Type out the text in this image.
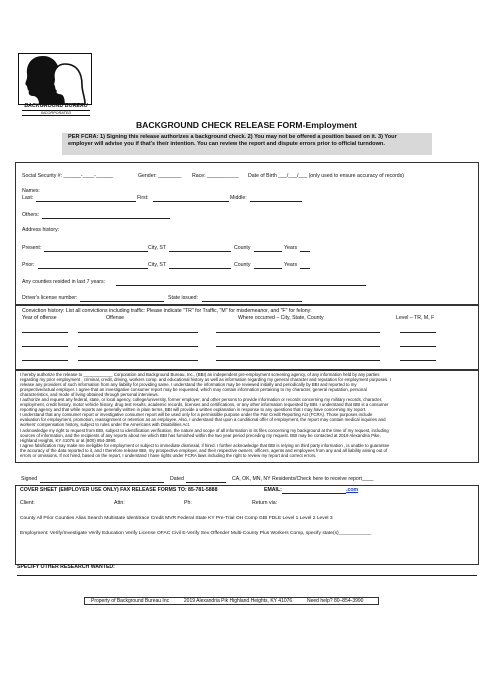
BACKGROUND BUREAU
INCORPORATED
BACKGROUND CHECK RELEASE FORM-Employment
PER FCRA: 1) Signing this release authorizes a background check. 2) You may not be offered a position based on it. 3) Your
employer will advise you if that's their intention. You can review the report and dispute errors prior to official turndown.
Social Security #: ______-____-______	Gender: ________ Race: ___________ Date of Birth ___/___/___ (only used to ensure accuracy of records)
Names:
Last:	First:	Middle:
Others:
Address history:
Present:	City, ST	County	Years
Prior:	City, ST	County	Years
Any counties resided in last 7 years:
Driver's license number:	State issued:
Conviction history: List all convictions including traffic: Please indicate "TR" for Traffic, "M" for misdemeanor, and "F" for felony:
Year of offense	Offense	Where occurred – City, State, County	Level – TR, M, F
I hereby authorize the release to ____________ Corporation and Background Bureau, Inc., (BBI) an independent pre-employment screening agency, of any information held by any parties
regarding my prior employment , criminal, credit, driving, workers comp. and educational history as well as information regarding my general character and reputation for employment purposes. I
release any providers of such information from any liability for providing same. I understand the information may be reviewed initially and periodically by BBI and reported to my
prospective/actual employer. I agree that an investigative consumer report may be requested, which may contain information pertaining to my character, general reputation, personal
characteristics, and mode of living obtained through personal interviews.
I authorize and request any federal, state, or local agency, college/university, former employer, and other persons to provide information or records concerning my military records, character,
employment, credit history, motor vehicle history, drug test results, academic records, licenses and certifications, or any other information requested by BBI. I understand that BBI is a consumer
reporting agency and that while reports are generally written in plain terms, BBI will provide a written explanation in response to any questions that I may have concerning my report.
I understand that any consumer report or investigative consumer report will be used only for a permissible purpose under the Fair Credit Reporting Act (FCRA). Those purposes include
evaluation for employment, promotion, reassignment or retention as an employee. Also, I understand that upon a conditional offer of employment, the report may contain medical inquiries and
workers' compensation history, subject to rules under the Americans with Disabilities Act.
I acknowledge my right to request from BBI, subject to identification verification, the nature and scope of all information in its files concerning my background at the time of my request, including
sources of information, and the recipients of any reports about me which BBI has furnished within the two year period preceding my request. BBI may be contacted at 2019 Alexandria Pike,
Highland Heights, KY 41076 or at (800) 854-3990.
I agree falsification may make me ineligible for employment or subject to immediate dismissal, if hired. I further acknowledge that BBI is relying on third party information , is unable to guarantee
the accuracy of the data reported to it, and I therefore release BBI, my prospective employer, and their respective owners, officers, agents and employees from any and all liability arising out of
errors or omissions. If not hired, based on the report, I understand I have rights under FCRA laws including the right to review my report and correct errors.
Signed	Dated	CA, OK, MN, NY Residents/Check here to receive report____
COVER SHEET (EMPLOYER USE ONLY) FAX RELEASE FORMS TO: 85-781-5888	EMAIL:	.com
Client:	Attn:	Ph:	Return via:
County All Prior Counties Alias Search Multistate Identitrace Credit MVR Federal State KY Pre-Trial OH Comp GBI FDLE Level 1 Level 2 Level 3
Employment: Verify/Investigate Verify Education Verify License OFAC Civil E-Verify Sex Offender Multi-County Plus Workers Comp, specify state(s)____________
SPECIFY OTHER RESEARCH WANTED:
Property of Background Bureau Inc	2019 Alexandria Pik Highland Heights, KY 41076	Need help? 80–854-3990
